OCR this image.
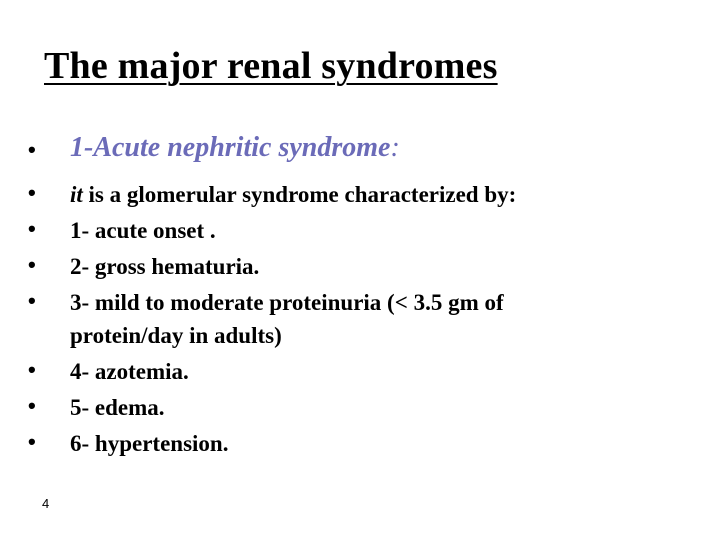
The major renal syndromes
• 1-Acute nephritic syndrome:
• it is a glomerular syndrome characterized by:
• 1- acute onset .
• 2- gross hematuria.
• 3- mild to moderate proteinuria (< 3.5 gm of
protein/day in adults)
• 4- azotemia.
• 5- edema.
• 6- hypertension.
4
